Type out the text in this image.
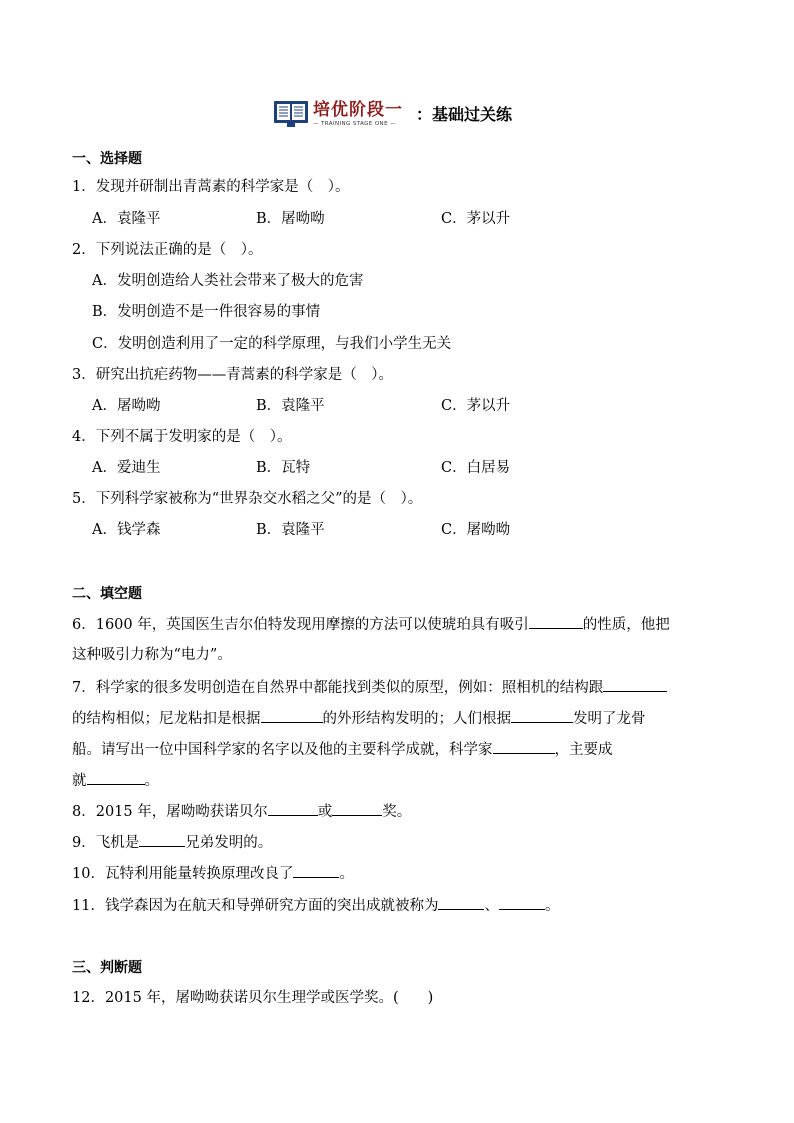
培优阶段一
— TRAINING STAGE ONE —	： 基础过关练
一、选择题
1．发现并研制出青蒿素的科学家是（　）。
A．袁隆平	B．屠呦呦	C．茅以升
2．下列说法正确的是（　）。
A．发明创造给人类社会带来了极大的危害
B．发明创造不是一件很容易的事情
C．发明创造利用了一定的科学原理，与我们小学生无关
3．研究出抗疟药物——青蒿素的科学家是（　）。
A．屠呦呦	B．袁隆平	C．茅以升
4．下列不属于发明家的是（　）。
A．爱迪生	B．瓦特	C．白居易
5．下列科学家被称为“世界杂交水稻之父”的是（　）。
A．钱学森	B．袁隆平	C．屠呦呦
二、填空题
6．1600 年，英国医生吉尔伯特发现用摩擦的方法可以使琥珀具有吸引	的性质，他把
这种吸引力称为“电力”。
7．科学家的很多发明创造在自然界中都能找到类似的原型，例如：照相机的结构跟
的结构相似；尼龙粘扣是根据	的外形结构发明的；人们根据	发明了龙骨
船。请写出一位中国科学家的名字以及他的主要科学成就，科学家	，主要成
就	。
8．2015 年，屠呦呦获诺贝尔	或	奖。
9．飞机是	兄弟发明的。
10．瓦特利用能量转换原理改良了	。
11．钱学森因为在航天和导弹研究方面的突出成就被称为	、	。
三、判断题
12．2015 年，屠呦呦获诺贝尔生理学或医学奖。(　　)
